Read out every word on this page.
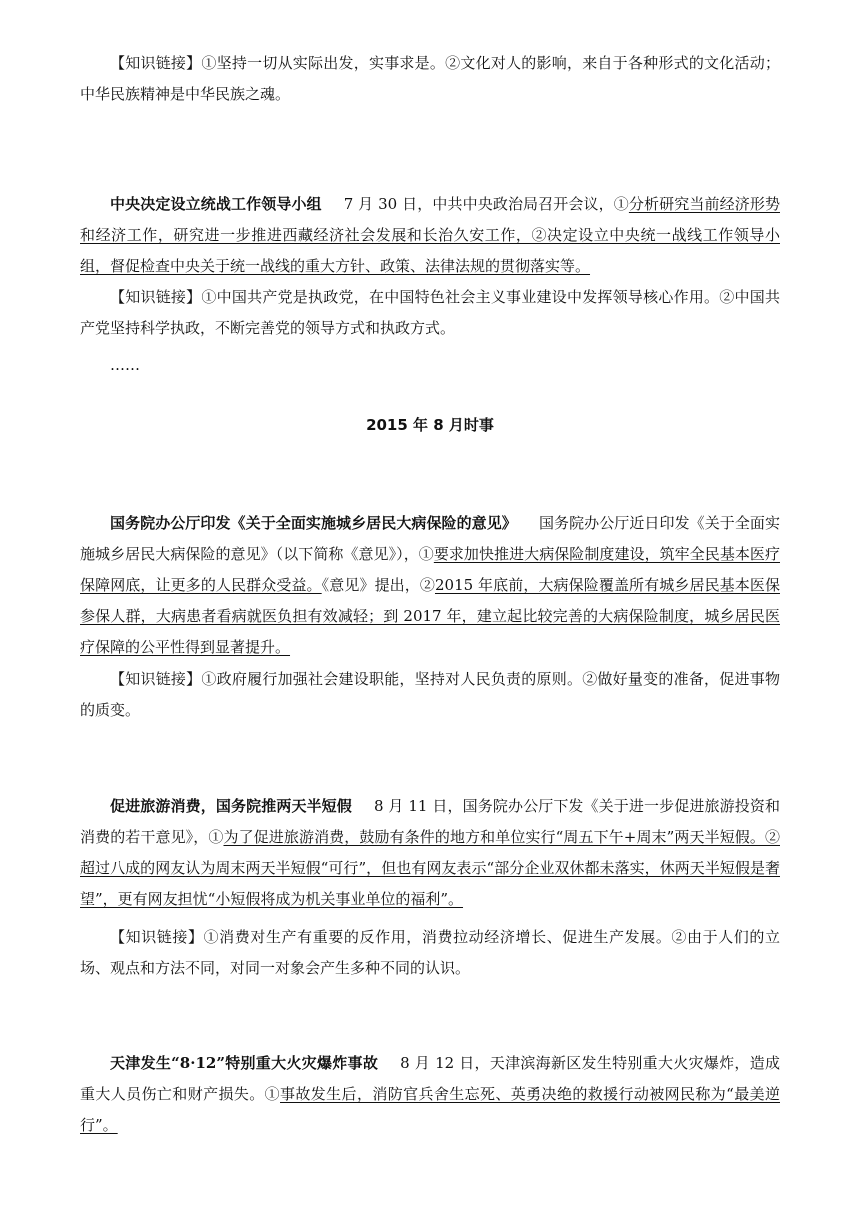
【知识链接】①坚持一切从实际出发，实事求是。②文化对人的影响，来自于各种形式的文化活动；中华民族精神是中华民族之魂。

中央决定设立统战工作领导小组 7 月 30 日，中共中央政治局召开会议，①分析研究当前经济形势和经济工作，研究进一步推进西藏经济社会发展和长治久安工作，②决定设立中央统一战线工作领导小组，督促检查中央关于统一战线的重大方针、政策、法律法规的贯彻落实等。

【知识链接】①中国共产党是执政党，在中国特色社会主义事业建设中发挥领导核心作用。②中国共产党坚持科学执政，不断完善党的领导方式和执政方式。

……

2015 年 8 月时事

国务院办公厅印发《关于全面实施城乡居民大病保险的意见》 国务院办公厅近日印发《关于全面实施城乡居民大病保险的意见》（以下简称《意见》），①要求加快推进大病保险制度建设，筑牢全民基本医疗保障网底，让更多的人民群众受益。《意见》提出，②2015 年底前，大病保险覆盖所有城乡居民基本医保参保人群，大病患者看病就医负担有效减轻；到 2017 年，建立起比较完善的大病保险制度，城乡居民医疗保障的公平性得到显著提升。

【知识链接】①政府履行加强社会建设职能，坚持对人民负责的原则。②做好量变的准备，促进事物的质变。

促进旅游消费，国务院推两天半短假 8 月 11 日，国务院办公厅下发《关于进一步促进旅游投资和消费的若干意见》，①为了促进旅游消费，鼓励有条件的地方和单位实行“周五下午+周末”两天半短假。②超过八成的网友认为周末两天半短假“可行”，但也有网友表示“部分企业双休都未落实，休两天半短假是奢望”，更有网友担忧“小短假将成为机关事业单位的福利”。

【知识链接】①消费对生产有重要的反作用，消费拉动经济增长、促进生产发展。②由于人们的立场、观点和方法不同，对同一对象会产生多种不同的认识。

天津发生“8·12”特别重大火灾爆炸事故 8 月 12 日，天津滨海新区发生特别重大火灾爆炸，造成重大人员伤亡和财产损失。①事故发生后，消防官兵舍生忘死、英勇决绝的救援行动被网民称为“最美逆行”。
